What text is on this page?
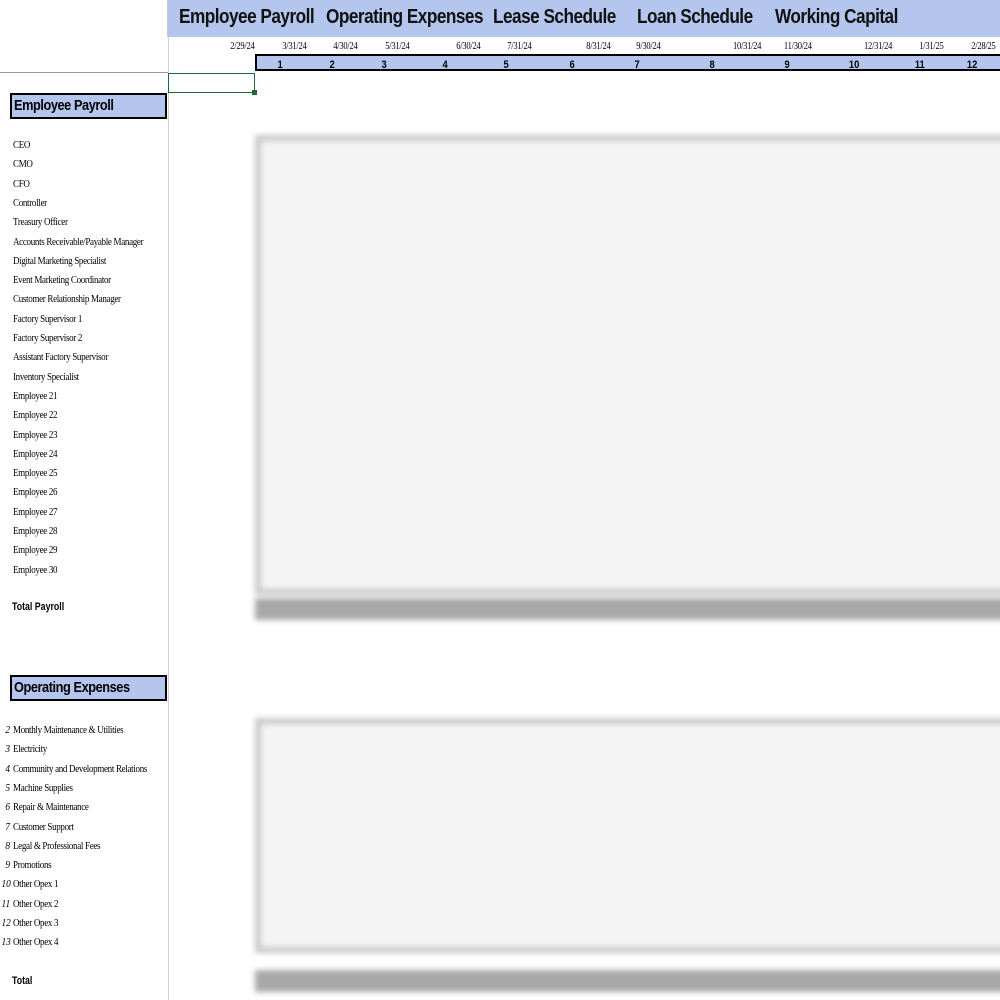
Employee Payroll Operating Expenses Lease Schedule Loan Schedule Working Capital
2/29/24	3/31/24	4/30/24	5/31/24	6/30/24	7/31/24	8/31/24	9/30/24	10/31/24 11/30/24	12/31/24	1/31/25	2/28/25
1	2	3	4	5	6	7	8	9	10	11	12
Employee Payroll
CEO
CMO
CFO
Controller
Treasury Officer
Accounts Receivable/Payable Manager
Digital Marketing Specialist
Event Marketing Coordinator
Customer Relationship Manager
Factory Supervisor 1
Factory Supervisor 2
Assistant Factory Supervisor
Inventory Specialist
Employee 21
Employee 22
Employee 23
Employee 24
Employee 25
Employee 26
Employee 27
Employee 28
Employee 29
Employee 30
Total Payroll
Operating Expenses
2 Monthly Maintenance & Utilities
3 Electricity
4 Community and Development Relations
5 Machine Supplies
6 Repair & Maintenance
7 Customer Support
8 Legal & Professional Fees
9 Promotions
10 Other Opex 1
11 Other Opex 2
12 Other Opex 3
13 Other Opex 4
Total
